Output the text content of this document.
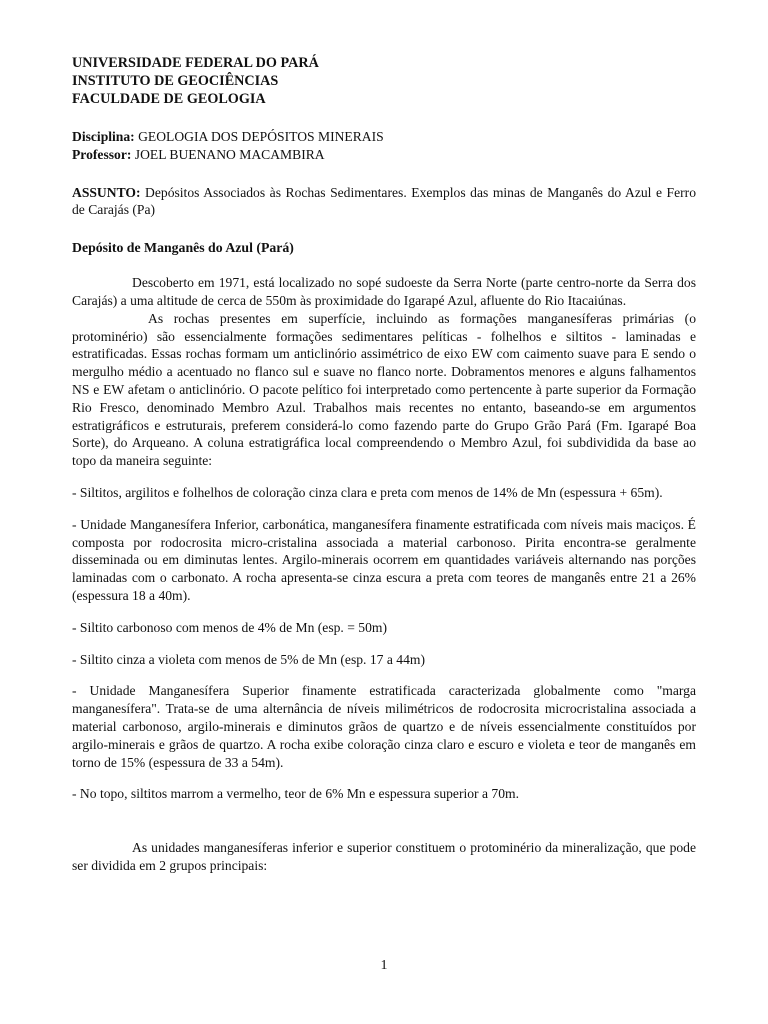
UNIVERSIDADE FEDERAL DO PARÁ
INSTITUTO DE GEOCIÊNCIAS
FACULDADE DE GEOLOGIA
Disciplina: GEOLOGIA DOS DEPÓSITOS MINERAIS
Professor: JOEL BUENANO MACAMBIRA

ASSUNTO: Depósitos Associados às Rochas Sedimentares. Exemplos das minas de Manganês do Azul e Ferro de Carajás (Pa)

Depósito de Manganês do Azul (Pará)

Descoberto em 1971, está localizado no sopé sudoeste da Serra Norte (parte centro-norte da Serra dos Carajás) a uma altitude de cerca de 550m às proximidade do Igarapé Azul, afluente do Rio Itacaiúnas.

As rochas presentes em superfície, incluindo as formações manganesíferas primárias (o protominério) são essencialmente formações sedimentares pelíticas - folhelhos e siltitos - laminadas e estratificadas. Essas rochas formam um anticlinório assimétrico de eixo EW com caimento suave para E sendo o mergulho médio a acentuado no flanco sul e suave no flanco norte. Dobramentos menores e alguns falhamentos NS e EW afetam o anticlinório. O pacote pelítico foi interpretado como pertencente à parte superior da Formação Rio Fresco, denominado Membro Azul. Trabalhos mais recentes no entanto, baseando-se em argumentos estratigráficos e estruturais, preferem considerá-lo como fazendo parte do Grupo Grão Pará (Fm. Igarapé Boa Sorte), do Arqueano. A coluna estratigráfica local compreendendo o Membro Azul, foi subdividida da base ao topo da maneira seguinte:

- Siltitos, argilitos e folhelhos de coloração cinza clara e preta com menos de 14% de Mn (espessura + 65m).

- Unidade Manganesífera Inferior, carbonática, manganesífera finamente estratificada com níveis mais maciços. É composta por rodocrosita micro-cristalina associada a material carbonoso. Pirita encontra-se geralmente disseminada ou em diminutas lentes. Argilo-minerais ocorrem em quantidades variáveis alternando nas porções laminadas com o carbonato. A rocha apresenta-se cinza escura a preta com teores de manganês entre 21 a 26% (espessura 18 a 40m).

- Siltito carbonoso com menos de 4% de Mn (esp. = 50m)

- Siltito cinza a violeta com menos de 5% de Mn (esp. 17 a 44m)

- Unidade Manganesífera Superior finamente estratificada caracterizada globalmente como "marga manganesífera". Trata-se de uma alternância de níveis milimétricos de rodocrosita microcristalina associada a material carbonoso, argilo-minerais e diminutos grãos de quartzo e de níveis essencialmente constituídos por argilo-minerais e grãos de quartzo. A rocha exibe coloração cinza claro e escuro e violeta e teor de manganês em torno de 15% (espessura de 33 a 54m).

- No topo, siltitos marrom a vermelho, teor de 6% Mn e espessura superior a 70m.

As unidades manganesíferas inferior e superior constituem o protominério da mineralização, que pode ser dividida em 2 grupos principais:

1
